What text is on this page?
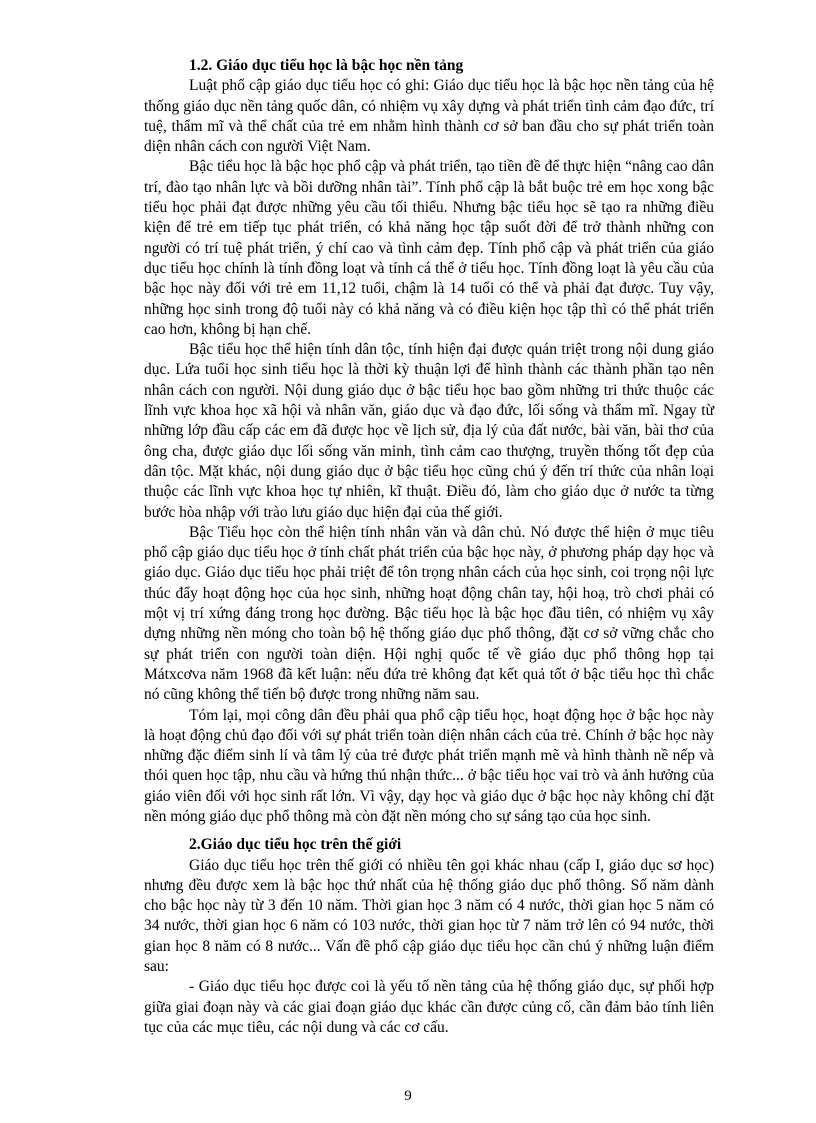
1.2. Giáo dục tiểu học là bậc học nền tảng

Luật phổ cập giáo dục tiểu học có ghi: Giáo dục tiểu học là bậc học nền tảng của hệ thống giáo dục nền tảng quốc dân, có nhiệm vụ xây dựng và phát triển tình cảm đạo đức, trí tuệ, thẩm mĩ và thể chất của trẻ em nhằm hình thành cơ sở ban đầu cho sự phát triển toàn diện nhân cách con người Việt Nam.

Bậc tiểu học là bậc học phổ cập và phát triển, tạo tiền đề để thực hiện “nâng cao dân trí, đào tạo nhân lực và bồi dưỡng nhân tài”. Tính phổ cập là bắt buộc trẻ em học xong bậc tiểu học phải đạt được những yêu cầu tối thiểu. Nhưng bậc tiểu học sẽ tạo ra những điều kiện để trẻ em tiếp tục phát triển, có khả năng học tập suốt đời để trở thành những con người có trí tuệ phát triển, ý chí cao và tình cảm đẹp. Tính phổ cập và phát triển của giáo dục tiểu học chính là tính đồng loạt và tính cá thể ở tiểu học. Tính đồng loạt là yêu cầu của bậc học này đối với trẻ em 11,12 tuổi, chậm là 14 tuổi có thể và phải đạt được. Tuy vậy, những học sinh trong độ tuổi này có khả năng và có điều kiện học tập thì có thể phát triển cao hơn, không bị hạn chế.

Bậc tiểu học thể hiện tính dân tộc, tính hiện đại được quán triệt trong nội dung giáo dục. Lứa tuổi học sinh tiểu học là thời kỳ thuận lợi để hình thành các thành phần tạo nên nhân cách con người. Nội dung giáo dục ở bậc tiểu học bao gồm những tri thức thuộc các lĩnh vực khoa học xã hội và nhân văn, giáo dục và đạo đức, lối sống và thẩm mĩ. Ngay từ những lớp đầu cấp các em đã được học về lịch sử, địa lý của đất nước, bài văn, bài thơ của ông cha, được giáo dục lối sống văn minh, tình cảm cao thượng, truyền thống tốt đẹp của dân tộc. Mặt khác, nội dung giáo dục ở bậc tiểu học cũng chú ý đến trí thức của nhân loại thuộc các lĩnh vực khoa học tự nhiên, kĩ thuật. Điều đó, làm cho giáo dục ở nước ta từng bước hòa nhập với trào lưu giáo dục hiện đại của thế giới.

Bậc Tiểu học còn thể hiện tính nhân văn và dân chủ. Nó được thể hiện ở mục tiêu phổ cập giáo dục tiểu học ở tính chất phát triển của bậc học này, ở phương pháp dạy học và giáo dục. Giáo dục tiểu học phải triệt để tôn trọng nhân cách của học sinh, coi trọng nội lực thúc đẩy hoạt động học của học sinh, những hoạt động chân tay, hội hoạ, trò chơi phải có một vị trí xứng đáng trong học đường. Bậc tiểu học là bậc học đầu tiên, có nhiệm vụ xây dựng những nền móng cho toàn bộ hệ thống giáo dục phổ thông, đặt cơ sở vững chắc cho sự phát triển con người toàn diện. Hội nghị quốc tế về giáo dục phổ thông họp tại Mátxcơva năm 1968 đã kết luận: nếu đứa trẻ không đạt kết quả tốt ở bậc tiểu học thì chắc nó cũng không thể tiến bộ được trong những năm sau.

Tóm lại, mọi công dân đều phải qua phổ cập tiểu học, hoạt động học ở bậc học này là hoạt động chủ đạo đối với sự phát triển toàn diện nhân cách của trẻ. Chính ở bậc học này những đặc điểm sinh lí và tâm lý của trẻ được phát triển mạnh mẽ và hình thành nề nếp và thói quen học tập, nhu cầu và hứng thú nhận thức... ở bậc tiểu học vai trò và ảnh hưởng của giáo viên đối với học sinh rất lớn. Vì vậy, dạy học và giáo dục ở bậc học này không chỉ đặt nền móng giáo dục phổ thông mà còn đặt nền móng cho sự sáng tạo của học sinh.

2.Giáo dục tiểu học trên thế giới

Giáo dục tiểu học trên thế giới có nhiều tên gọi khác nhau (cấp I, giáo dục sơ học) nhưng đều được xem là bậc học thứ nhất của hệ thống giáo dục phổ thông. Số năm dành cho bậc học này từ 3 đến 10 năm. Thời gian học 3 năm có 4 nước, thời gian học 5 năm có 34 nước, thời gian học 6 năm có 103 nước, thời gian học từ 7 năm trở lên có 94 nước, thời gian học 8 năm có 8 nước... Vấn đề phổ cập giáo dục tiểu học cần chú ý những luận điểm sau:

- Giáo dục tiểu học được coi là yếu tố nền tảng của hệ thống giáo dục, sự phối hợp giữa giai đoạn này và các giai đoạn giáo dục khác cần được củng cố, cần đảm bảo tính liên tục của các mục tiêu, các nội dung và các cơ cấu.

9
